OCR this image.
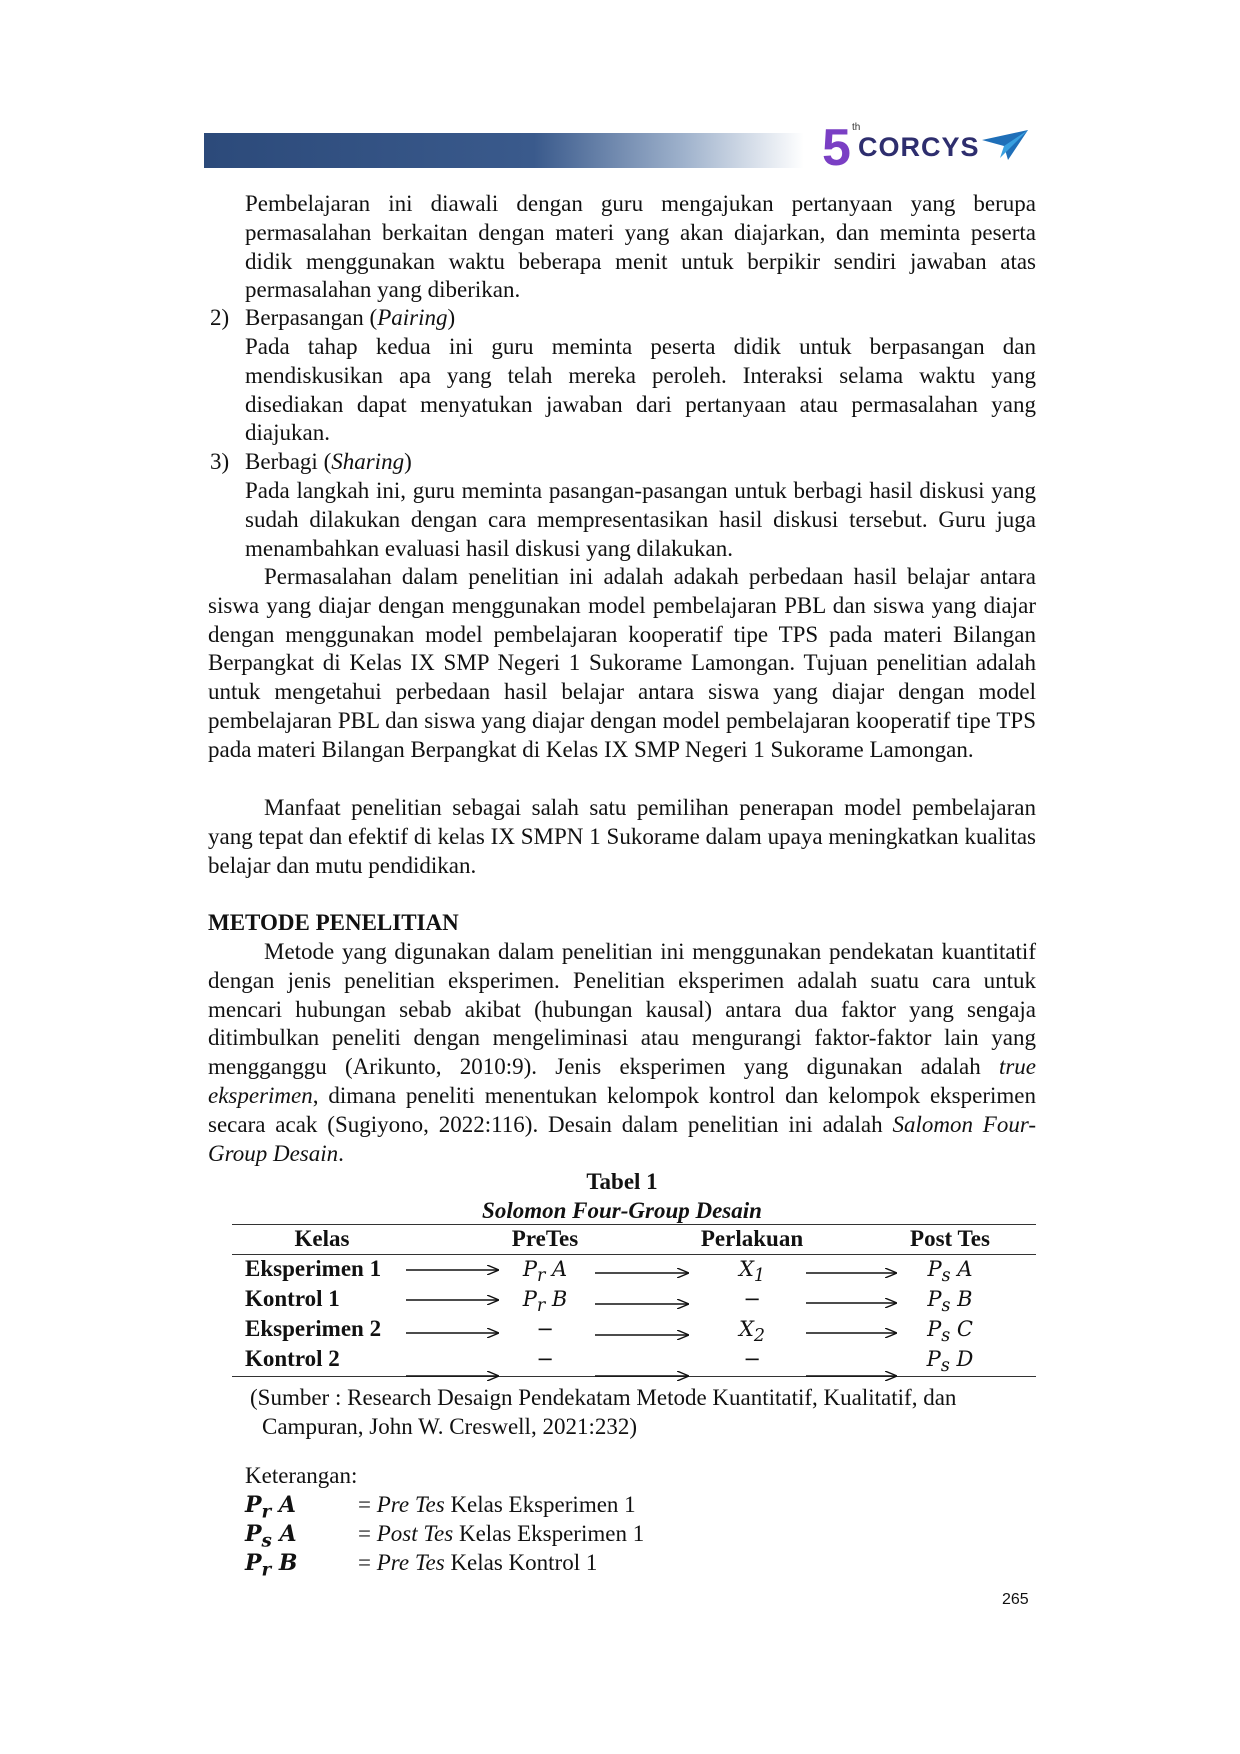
5 th
CORCYS

Pembelajaran ini diawali dengan guru mengajukan pertanyaan yang berupa permasalahan berkaitan dengan materi yang akan diajarkan, dan meminta peserta didik menggunakan waktu beberapa menit untuk berpikir sendiri jawaban atas permasalahan yang diberikan.

2) Berpasangan (Pairing)

Pada tahap kedua ini guru meminta peserta didik untuk berpasangan dan mendiskusikan apa yang telah mereka peroleh. Interaksi selama waktu yang disediakan dapat menyatukan jawaban dari pertanyaan atau permasalahan yang diajukan.

3) Berbagi (Sharing)

Pada langkah ini, guru meminta pasangan-pasangan untuk berbagi hasil diskusi yang sudah dilakukan dengan cara mempresentasikan hasil diskusi tersebut. Guru juga menambahkan evaluasi hasil diskusi yang dilakukan.

Permasalahan dalam penelitian ini adalah adakah perbedaan hasil belajar antara siswa yang diajar dengan menggunakan model pembelajaran PBL dan siswa yang diajar dengan menggunakan model pembelajaran kooperatif tipe TPS pada materi Bilangan Berpangkat di Kelas IX SMP Negeri 1 Sukorame Lamongan. Tujuan penelitian adalah untuk mengetahui perbedaan hasil belajar antara siswa yang diajar dengan model pembelajaran PBL dan siswa yang diajar dengan model pembelajaran kooperatif tipe TPS pada materi Bilangan Berpangkat di Kelas IX SMP Negeri 1 Sukorame Lamongan.

Manfaat penelitian sebagai salah satu pemilihan penerapan model pembelajaran yang tepat dan efektif di kelas IX SMPN 1 Sukorame dalam upaya meningkatkan kualitas belajar dan mutu pendidikan.

METODE PENELITIAN

Metode yang digunakan dalam penelitian ini menggunakan pendekatan kuantitatif dengan jenis penelitian eksperimen. Penelitian eksperimen adalah suatu cara untuk mencari hubungan sebab akibat (hubungan kausal) antara dua faktor yang sengaja ditimbulkan peneliti dengan mengeliminasi atau mengurangi faktor-faktor lain yang mengganggu (Arikunto, 2010:9). Jenis eksperimen yang digunakan adalah true eksperimen, dimana peneliti menentukan kelompok kontrol dan kelompok eksperimen secara acak (Sugiyono, 2022:116). Desain dalam penelitian ini adalah Salomon Four-Group Desain.

Tabel 1
Solomon Four-Group Desain
Kelas	PreTes	Perlakuan	Post Tes
Eksperimen 1	$P_r$ A	$X_1$	$P_s$ A
Kontrol 1	$P_r$ B	−	$P_s$ B
Eksperimen 2	−	$X_2$	$P_s$ C
Kontrol 2	−	−	$P_s$ D
(Sumber : Research Desaign Pendekatam Metode Kuantitatif, Kualitatif, dan Campuran, John W. Creswell, 2021:232)
Keterangan:
$P_r$ A	= Pre Tes Kelas Eksperimen 1
$P_s$ A	= Post Tes Kelas Eksperimen 1
$P_r$ B	= Pre Tes Kelas Kontrol 1
265
